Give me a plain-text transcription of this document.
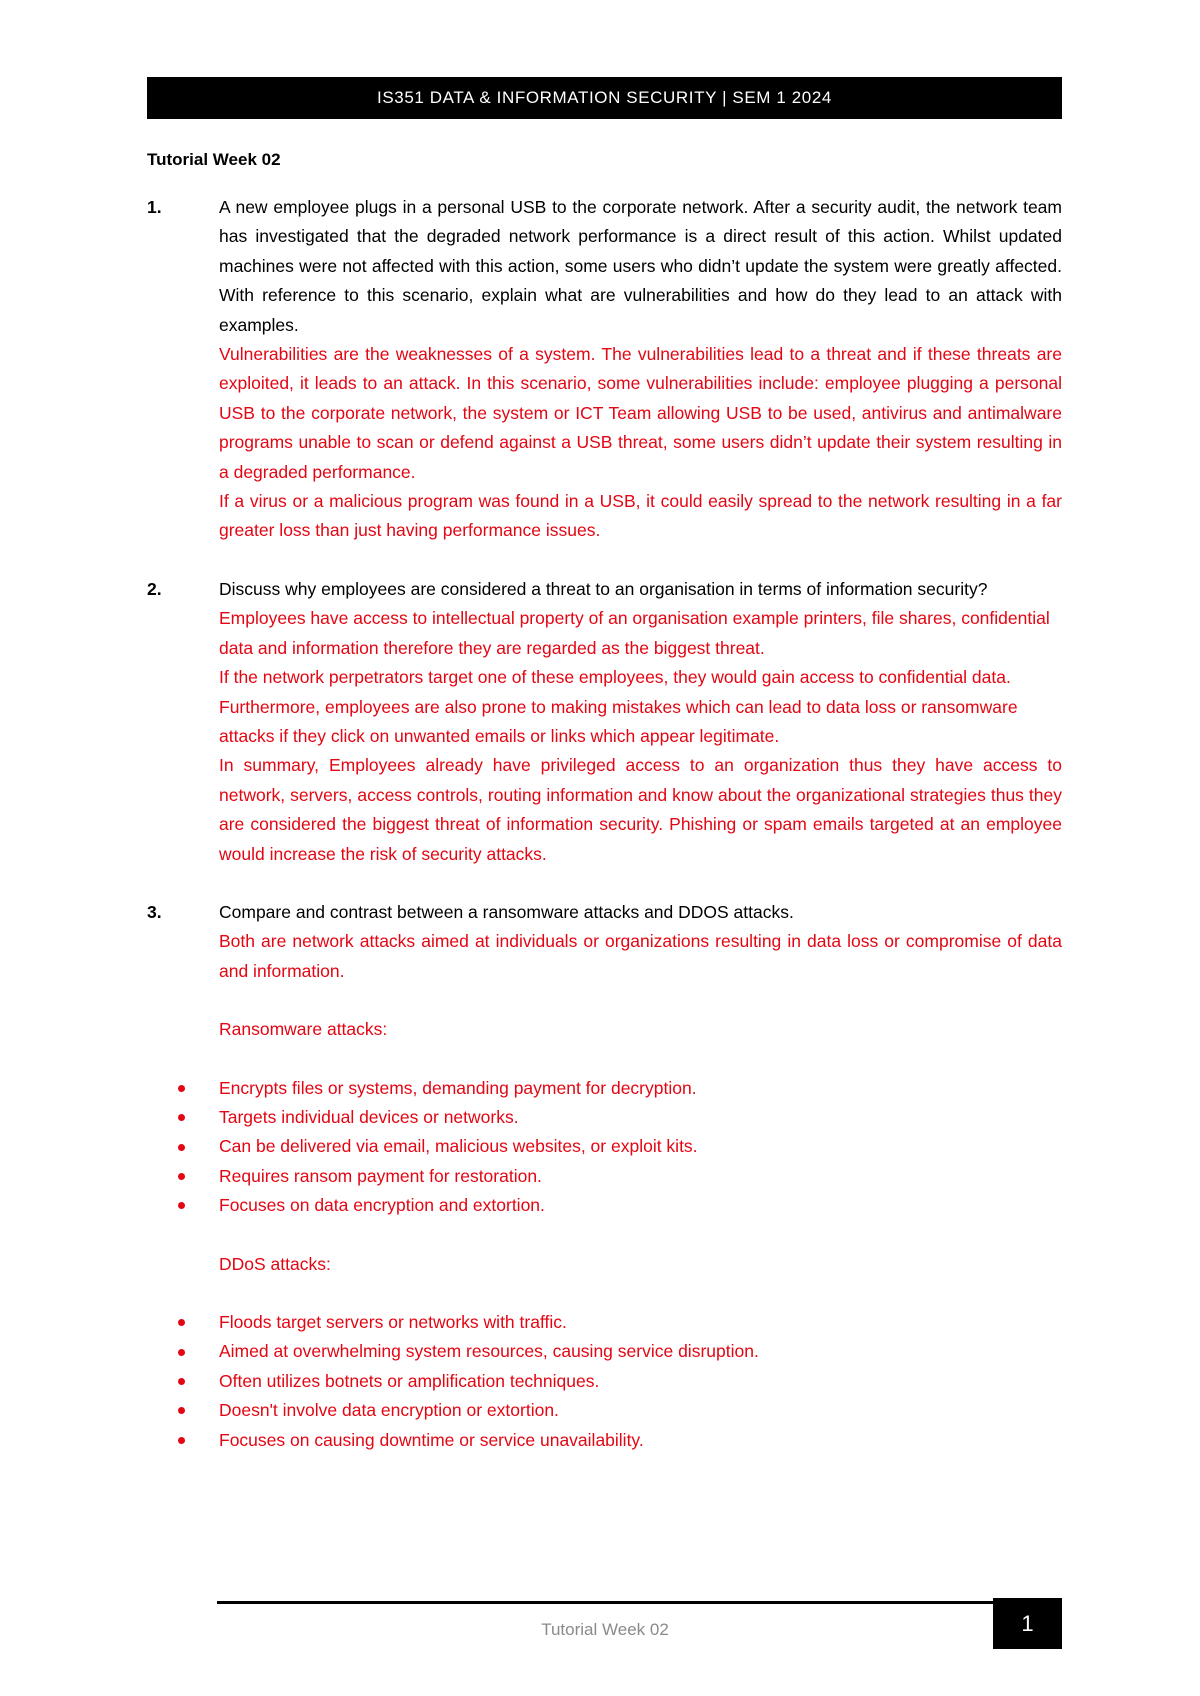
IS351 DATA & INFORMATION SECURITY | SEM 1 2024
Tutorial Week 02
1.	A new employee plugs in a personal USB to the corporate network. After a security audit, the network team has investigated that the degraded network performance is a direct result of this action. Whilst updated machines were not affected with this action, some users who didn’t update the system were greatly affected. With reference to this scenario, explain what are vulnerabilities and how do they lead to an attack with examples.
Vulnerabilities are the weaknesses of a system. The vulnerabilities lead to a threat and if these threats are exploited, it leads to an attack. In this scenario, some vulnerabilities include: employee plugging a personal USB to the corporate network, the system or ICT Team allowing USB to be used, antivirus and antimalware programs unable to scan or defend against a USB threat, some users didn’t update their system resulting in a degraded performance.
If a virus or a malicious program was found in a USB, it could easily spread to the network resulting in a far greater loss than just having performance issues.
2.	Discuss why employees are considered a threat to an organisation in terms of information security?
Employees have access to intellectual property of an organisation example printers, file shares, confidential data and information therefore they are regarded as the biggest threat.
If the network perpetrators target one of these employees, they would gain access to confidential data.
Furthermore, employees are also prone to making mistakes which can lead to data loss or ransomware attacks if they click on unwanted emails or links which appear legitimate.
In summary, Employees already have privileged access to an organization thus they have access to network, servers, access controls, routing information and know about the organizational strategies thus they are considered the biggest threat of information security. Phishing or spam emails targeted at an employee would increase the risk of security attacks.
3.	Compare and contrast between a ransomware attacks and DDOS attacks.
Both are network attacks aimed at individuals or organizations resulting in data loss or compromise of data and information.
Ransomware attacks:
Encrypts files or systems, demanding payment for decryption.
Targets individual devices or networks.
Can be delivered via email, malicious websites, or exploit kits.
Requires ransom payment for restoration.
Focuses on data encryption and extortion.
DDoS attacks:
Floods target servers or networks with traffic.
Aimed at overwhelming system resources, causing service disruption.
Often utilizes botnets or amplification techniques.
Doesn't involve data encryption or extortion.
Focuses on causing downtime or service unavailability.
Tutorial Week 02	1
